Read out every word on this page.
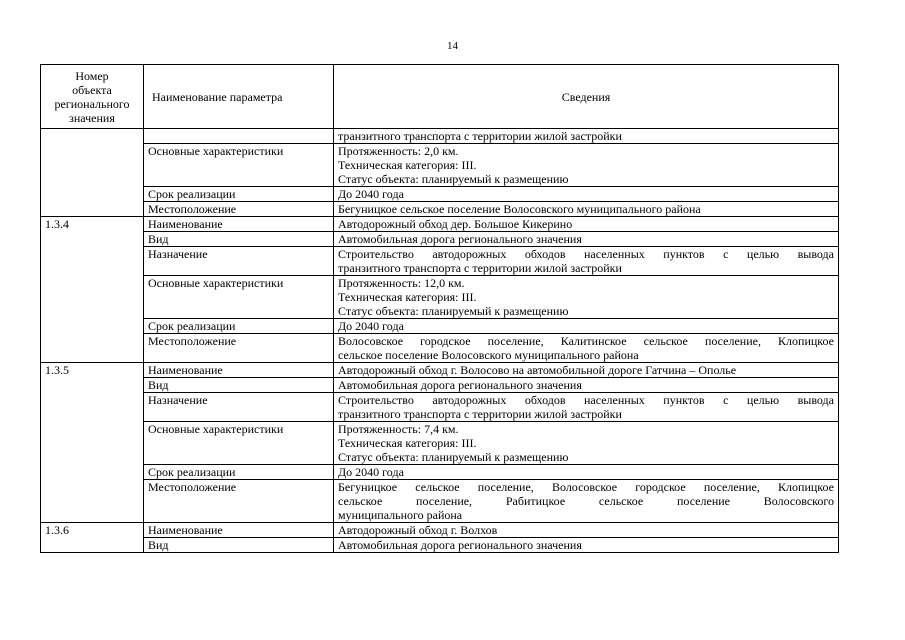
14
Номер
объекта
регионального
значения	Наименование параметра	Сведения

		транзитного транспорта с территории жилой застройки

	Основные характеристики	Протяженность: 2,0 км.
Техническая категория: III.
Статус объекта: планируемый к размещению

	Срок реализации	До 2040 года

	Местоположение	Бегуницкое сельское поселение Волосовского муниципального района

1.3.4	Наименование	Автодорожный обход дер. Большое Кикерино

	Вид	Автомобильная дорога регионального значения

	Назначение	Строительство автодорожных обходов населенных пунктов с целью вывода
транзитного транспорта с территории жилой застройки

	Основные характеристики	Протяженность: 12,0 км.
Техническая категория: III.
Статус объекта: планируемый к размещению

	Срок реализации	До 2040 года

	Местоположение	Волосовское городское поселение, Калитинское сельское поселение, Клопицкое
сельское поселение Волосовского муниципального района

1.3.5	Наименование	Автодорожный обход г. Волосово на автомобильной дороге Гатчина – Ополье

	Вид	Автомобильная дорога регионального значения

	Назначение	Строительство автодорожных обходов населенных пунктов с целью вывода
транзитного транспорта с территории жилой застройки

	Основные характеристики	Протяженность: 7,4 км.
Техническая категория: III.
Статус объекта: планируемый к размещению

	Срок реализации	До 2040 года

	Местоположение	Бегуницкое сельское поселение, Волосовское городское поселение, Клопицкое
сельское поселение, Рабитицкое сельское поселение Волосовского
муниципального района

1.3.6	Наименование	Автодорожный обход г. Волхов

	Вид	Автомобильная дорога регионального значения
